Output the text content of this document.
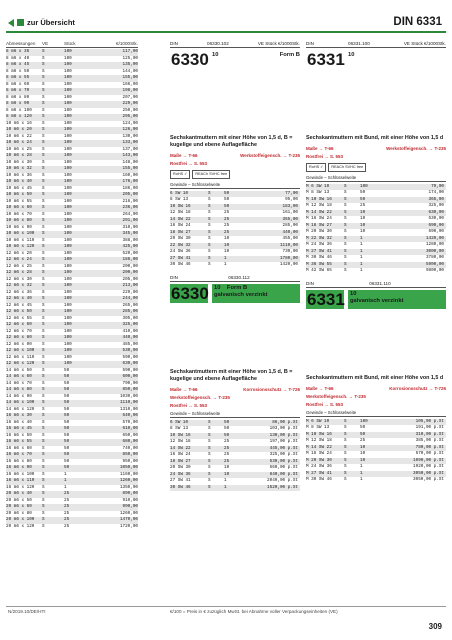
zur Übersicht	DIN 6331
Abmessungen	VE	Stück	€/1000Stk.
8 m6 x 36	S	100	117,00
8 m6 x 40	S	100	125,00
8 m6 x 45	S	100	135,00
8 m6 x 50	S	100	144,00
8 m6 x 55	S	100	155,00
8 m6 x 60	S	100	166,00
8 m6 x 70	S	100	198,00
8 m6 x 80	S	100	207,00
8 m6 x 90	S	100	229,00
8 m6 x 100	S	100	250,00
8 m6 x 120	S	100	295,00
10 m6 x 16	S	100	124,00
10 m6 x 20	S	100	126,00
10 m6 x 22	S	100	130,00
10 m6 x 24	S	100	133,00
10 m6 x 25	S	100	137,00
10 m6 x 28	S	100	143,00
10 m6 x 30	S	100	148,00
10 m6 x 32	S	100	155,00
10 m6 x 36	S	100	160,00
10 m6 x 40	S	100	176,00
10 m6 x 45	S	100	186,00
10 m6 x 50	S	100	205,00
10 m6 x 55	S	100	216,00
10 m6 x 60	S	100	236,00
10 m6 x 70	S	100	264,00
10 m6 x 80	S	100	291,00
10 m6 x 90	S	100	310,00
10 m6 x 100	S	100	345,00
10 m6 x 110	S	100	388,00
10 m6 x 120	S	100	425,00
12 m6 x 20	S	100	520,00
12 m6 x 24	S	100	186,00
12 m6 x 25	S	100	200,00
12 m6 x 28	S	100	200,00
12 m6 x 30	S	100	205,00
12 m6 x 32	S	100	213,00
12 m6 x 36	S	100	229,00
12 m6 x 40	S	100	244,00
12 m6 x 45	S	100	265,00
12 m6 x 50	S	100	285,00
12 m6 x 55	S	100	305,00
12 m6 x 60	S	100	325,00
12 m6 x 70	S	100	410,00
12 m6 x 80	S	100	440,00
12 m6 x 90	S	100	485,00
12 m6 x 100	S	100	530,00
12 m6 x 110	S	100	590,00
12 m6 x 120	S	100	630,00
14 m6 x 50	S	50	590,00
14 m6 x 60	S	50	600,00
14 m6 x 70	S	50	790,00
14 m6 x 80	S	50	850,00
14 m6 x 90	S	50	1030,00
14 m6 x 100	S	50	1110,00
14 m6 x 120	S	50	1310,00
16 m6 x 30	S	50	540,00
16 m6 x 40	S	50	570,00
16 m6 x 45	S	50	610,00
16 m6 x 50	S	50	650,00
16 m6 x 55	S	50	680,00
16 m6 x 60	S	50	740,00
16 m6 x 70	S	50	850,00
16 m6 x 80	S	50	950,00
16 m6 x 90	S	50	1050,00
16 m6 x 100	S	1	1160,00
16 m6 x 110	S	1	1260,00
16 m6 x 120	S	1	1350,00
20 m6 x 40	S	25	890,00
20 m6 x 50	S	25	910,00
20 m6 x 60	S	25	990,00
20 m6 x 80	S	25	1260,00
20 m6 x 100	S	25	1470,00
20 m6 x 120	S	25	1720,00
DIN	06330.102	VE Stück €/1000Stk.
6330 10	Form B
Sechskantmuttern mit einer Höhe von 1,5 d, B = kugelige und ebene Auflagefläche
Maße → T-66	Werkstoffeigensch. → T-235
Rostfrei → S. 553
RoHS ✓	REACh SVHC free
Gewinde – Schlüsselweite
6 SW 10	S	50	77,00
8 SW 13	S	50	95,00
10 SW 16	S	50	183,00
12 SW 18	S	25	161,00
14 SW 22	S	25	365,00
16 SW 24	S	25	285,00
18 SW 27	S	25	440,00
20 SW 30	S	10	455,00
22 SW 32	S	10	1110,00
24 SW 36	S	10	730,00
27 SW 41	S	1	1780,00
30 SW 46	S	1	1420,00
DIN	06330.112
6330 10 Form B
galvanisch verzinkt
Sechskantmuttern mit einer Höhe von 1,5 d, B = kugelige und ebene Auflagefläche
Maße → T-66	Korrosionsschutz → T-726
Werkstoffeigensch. → T-235
Rostfrei → S. 553
Gewinde – Schlüsselweite
6 SW 10	S	50	86,00 p.St
8 SW 13	S	50	103,00 p.St
10 SW 16	S	50	130,00 p.St
12 SW 18	S	25	197,00 p.St
14 SW 22	S	25	445,00 p.St
16 SW 24	S	25	325,00 p.St
18 SW 27	S	25	530,00 p.St
20 SW 30	S	10	560,00 p.St
24 SW 36	S	10	840,00 p.St
27 SW 41	S	1	2040,00 p.St
30 SW 46	S	1	1520,00 p.St
DIN	06331.100	VE Stück €/1000Stk.
6331 10
Sechskantmuttern mit Bund, mit einer Höhe von 1,5 d
Maße → T-66	Werkstoffeigensch. → T-235
Rostfrei → S. 553
RoHS ✓	REACh SVHC free
Gewinde – Schlüsselweite
M 6 SW 10	S	100	79,00
M 8 SW 13	S	50	174,00
M 10 SW 16	S	50	365,00
M 12 SW 18	S	25	325,00
M 14 SW 22	S	10	630,00
M 16 SW 24	S	10	530,00
M 18 SW 27	S	10	690,00
M 20 SW 30	S	10	690,00
M 22 SW 32	S	1	1420,00
M 24 SW 36	S	1	1280,00
M 27 SW 41	S	1	3000,00
M 30 SW 46	S	1	3780,00
M 36 SW 55	S	1	5900,00
M 42 SW 65	S	1	9800,00
DIN	06331.110
6331 10
galvanisch verzinkt
Sechskantmuttern mit Bund, mit einer Höhe von 1,5 d
Maße → T-66	Korrosionsschutz → T-726
Werkstoffeigensch. → T-235
Rostfrei → S. 553
Gewinde – Schlüsselweite
M 6 SW 10	S	100	105,00 p.St
M 8 SW 13	S	50	191,00 p.St
M 10 SW 16	S	50	310,00 p.St
M 12 SW 18	S	25	385,00 p.St
M 14 SW 22	S	10	780,00 p.St
M 16 SW 24	S	10	670,00 p.St
M 20 SW 30	S	10	1090,00 p.St
M 24 SW 36	S	1	1920,00 p.St
M 27 SW 41	S	1	3050,00 p.St
M 30 SW 46	S	1	3050,00 p.St
N/2019.10/DE/HTI	€/100 = Preis in € zuzüglich MwSt. bei Abnahme voller Verpackungseinheiten (VE)
309
